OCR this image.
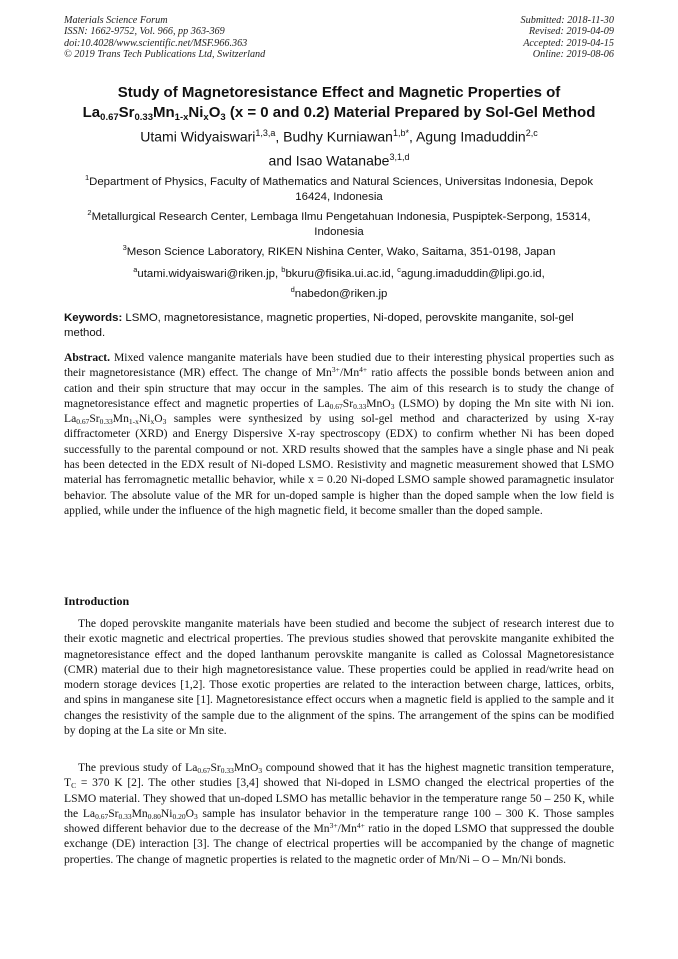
Materials Science Forum
ISSN: 1662-9752, Vol. 966, pp 363-369
doi:10.4028/www.scientific.net/MSF.966.363
© 2019 Trans Tech Publications Ltd, Switzerland
Submitted: 2018-11-30
Revised: 2019-04-09
Accepted: 2019-04-15
Online: 2019-08-06
Study of Magnetoresistance Effect and Magnetic Properties of
$La_{0.67}Sr_{0.33}Mn_{1-x}Ni_xO_3$ (x = 0 and 0.2) Material Prepared by Sol-Gel Method
Utami Widyaiswari$^{1,3,a}$, Budhy Kurniawan$^{1,b*}$, Agung Imaduddin$^{2,c}$
and Isao Watanabe$^{3,1,d}$
$^1$Department of Physics, Faculty of Mathematics and Natural Sciences, Universitas Indonesia, Depok 16424, Indonesia
$^2$Metallurgical Research Center, Lembaga Ilmu Pengetahuan Indonesia, Puspiptek-Serpong, 15314, Indonesia
$^3$Meson Science Laboratory, RIKEN Nishina Center, Wako, Saitama, 351-0198, Japan
$^a$utami.widyaiswari@riken.jp, $^b$bkuru@fisika.ui.ac.id, $^c$agung.imaduddin@lipi.go.id,
$^d$nabedon@riken.jp
Keywords: LSMO, magnetoresistance, magnetic properties, Ni-doped, perovskite manganite, sol-gel method.
Abstract. Mixed valence manganite materials have been studied due to their interesting physical properties such as their magnetoresistance (MR) effect. The change of $Mn^{3+}/Mn^{4+}$ ratio affects the possible bonds between anion and cation and their spin structure that may occur in the samples. The aim of this research is to study the change of magnetoresistance effect and magnetic properties of $La_{0.67}Sr_{0.33}MnO_3$ (LSMO) by doping the Mn site with Ni ion. $La_{0.67}Sr_{0.33}Mn_{1-x}Ni_xO_3$ samples were synthesized by using sol-gel method and characterized by using X-ray diffractometer (XRD) and Energy Dispersive X-ray spectroscopy (EDX) to confirm whether Ni has been doped successfully to the parental compound or not. XRD results showed that the samples have a single phase and Ni peak has been detected in the EDX result of Ni-doped LSMO. Resistivity and magnetic measurement showed that LSMO material has ferromagnetic metallic behavior, while x = 0.20 Ni-doped LSMO sample showed paramagnetic insulator behavior. The absolute value of the MR for un-doped sample is higher than the doped sample when the low field is applied, while under the influence of the high magnetic field, it become smaller than the doped sample.
Introduction
The doped perovskite manganite materials have been studied and become the subject of research interest due to their exotic magnetic and electrical properties. The previous studies showed that perovskite manganite exhibited the magnetoresistance effect and the doped lanthanum perovskite manganite is called as Colossal Magnetoresistance (CMR) material due to their high magnetoresistance value. These properties could be applied in read/write head on modern storage devices [1,2]. Those exotic properties are related to the interaction between charge, lattices, orbits, and spins in manganese site [1]. Magnetoresistance effect occurs when a magnetic field is applied to the sample and it changes the resistivity of the sample due to the alignment of the spins. The arrangement of the spins can be modified by doping at the La site or Mn site.
The previous study of $La_{0.67}Sr_{0.33}MnO_3$ compound showed that it has the highest magnetic transition temperature, $T_C = 370$ K [2]. The other studies [3,4] showed that Ni-doped in LSMO changed the electrical properties of the LSMO material. They showed that un-doped LSMO has metallic behavior in the temperature range 50 – 250 K, while the $La_{0.67}Sr_{0.33}Mn_{0.80}Ni_{0.20}O_3$ sample has insulator behavior in the temperature range 100 – 300 K. Those samples showed different behavior due to the decrease of the $Mn^{3+}/Mn^{4+}$ ratio in the doped LSMO that suppressed the double exchange (DE) interaction [3]. The change of electrical properties will be accompanied by the change of magnetic properties. The change of magnetic properties is related to the magnetic order of Mn/Ni – O – Mn/Ni bonds.
